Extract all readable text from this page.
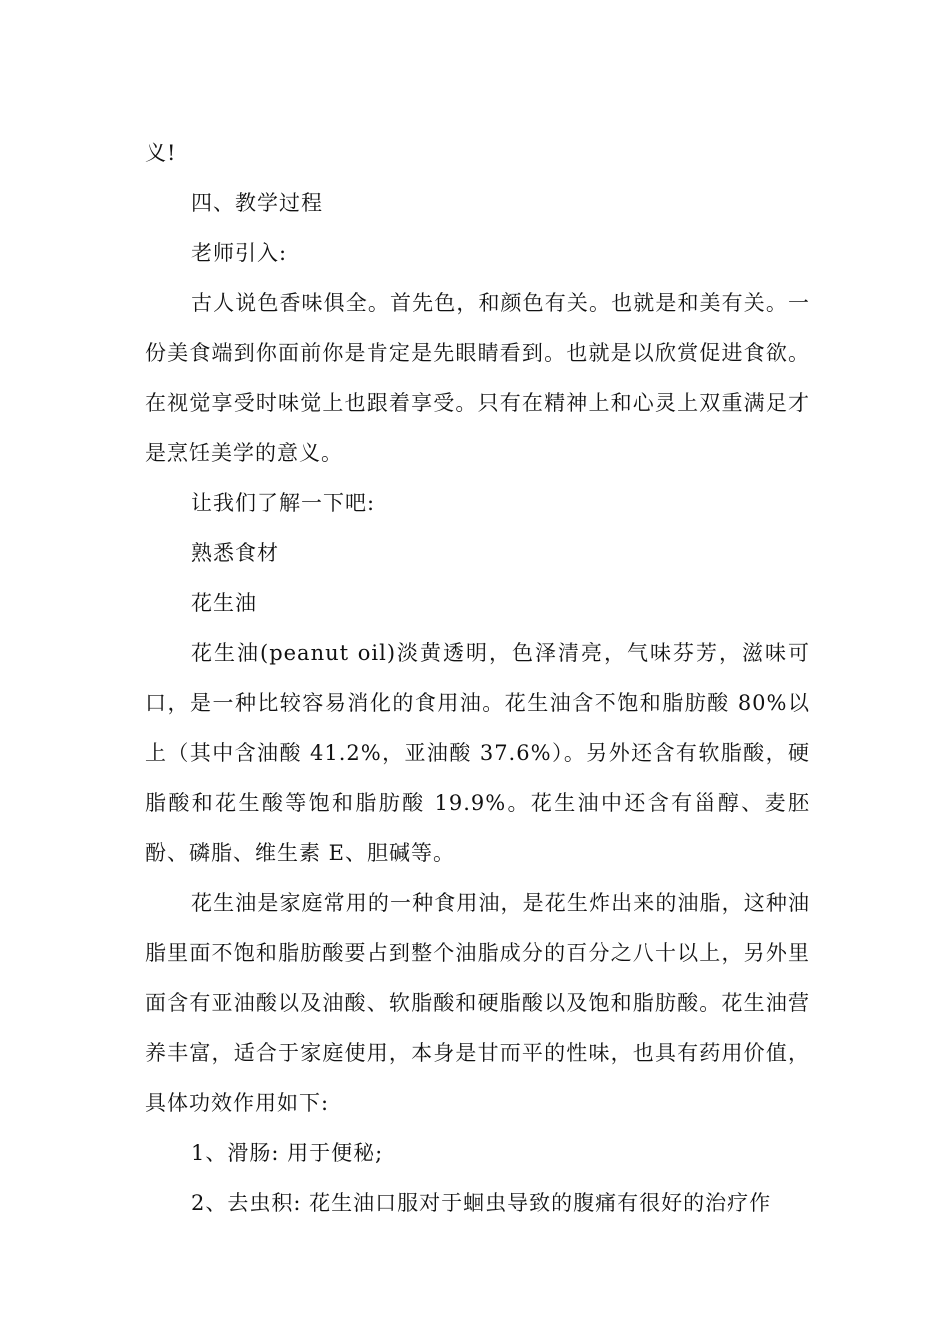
义!

四、教学过程

老师引入:

古人说色香味俱全。首先色，和颜色有关。也就是和美有关。一份美食端到你面前你是肯定是先眼睛看到。也就是以欣赏促进食欲。在视觉享受时味觉上也跟着享受。只有在精神上和心灵上双重满足才是烹饪美学的意义。

让我们了解一下吧:

熟悉食材

花生油

花生油(peanut oil)淡黄透明，色泽清亮，气味芬芳，滋味可口，是一种比较容易消化的食用油。花生油含不饱和脂肪酸 80%以上（其中含油酸 41.2%，亚油酸 37.6%）。另外还含有软脂酸，硬脂酸和花生酸等饱和脂肪酸 19.9%。花生油中还含有甾醇、麦胚酚、磷脂、维生素 E、胆碱等。

花生油是家庭常用的一种食用油，是花生炸出来的油脂，这种油脂里面不饱和脂肪酸要占到整个油脂成分的百分之八十以上，另外里面含有亚油酸以及油酸、软脂酸和硬脂酸以及饱和脂肪酸。花生油营养丰富，适合于家庭使用，本身是甘而平的性味，也具有药用价值，具体功效作用如下:

1、滑肠: 用于便秘;

2、去虫积: 花生油口服对于蛔虫导致的腹痛有很好的治疗作
